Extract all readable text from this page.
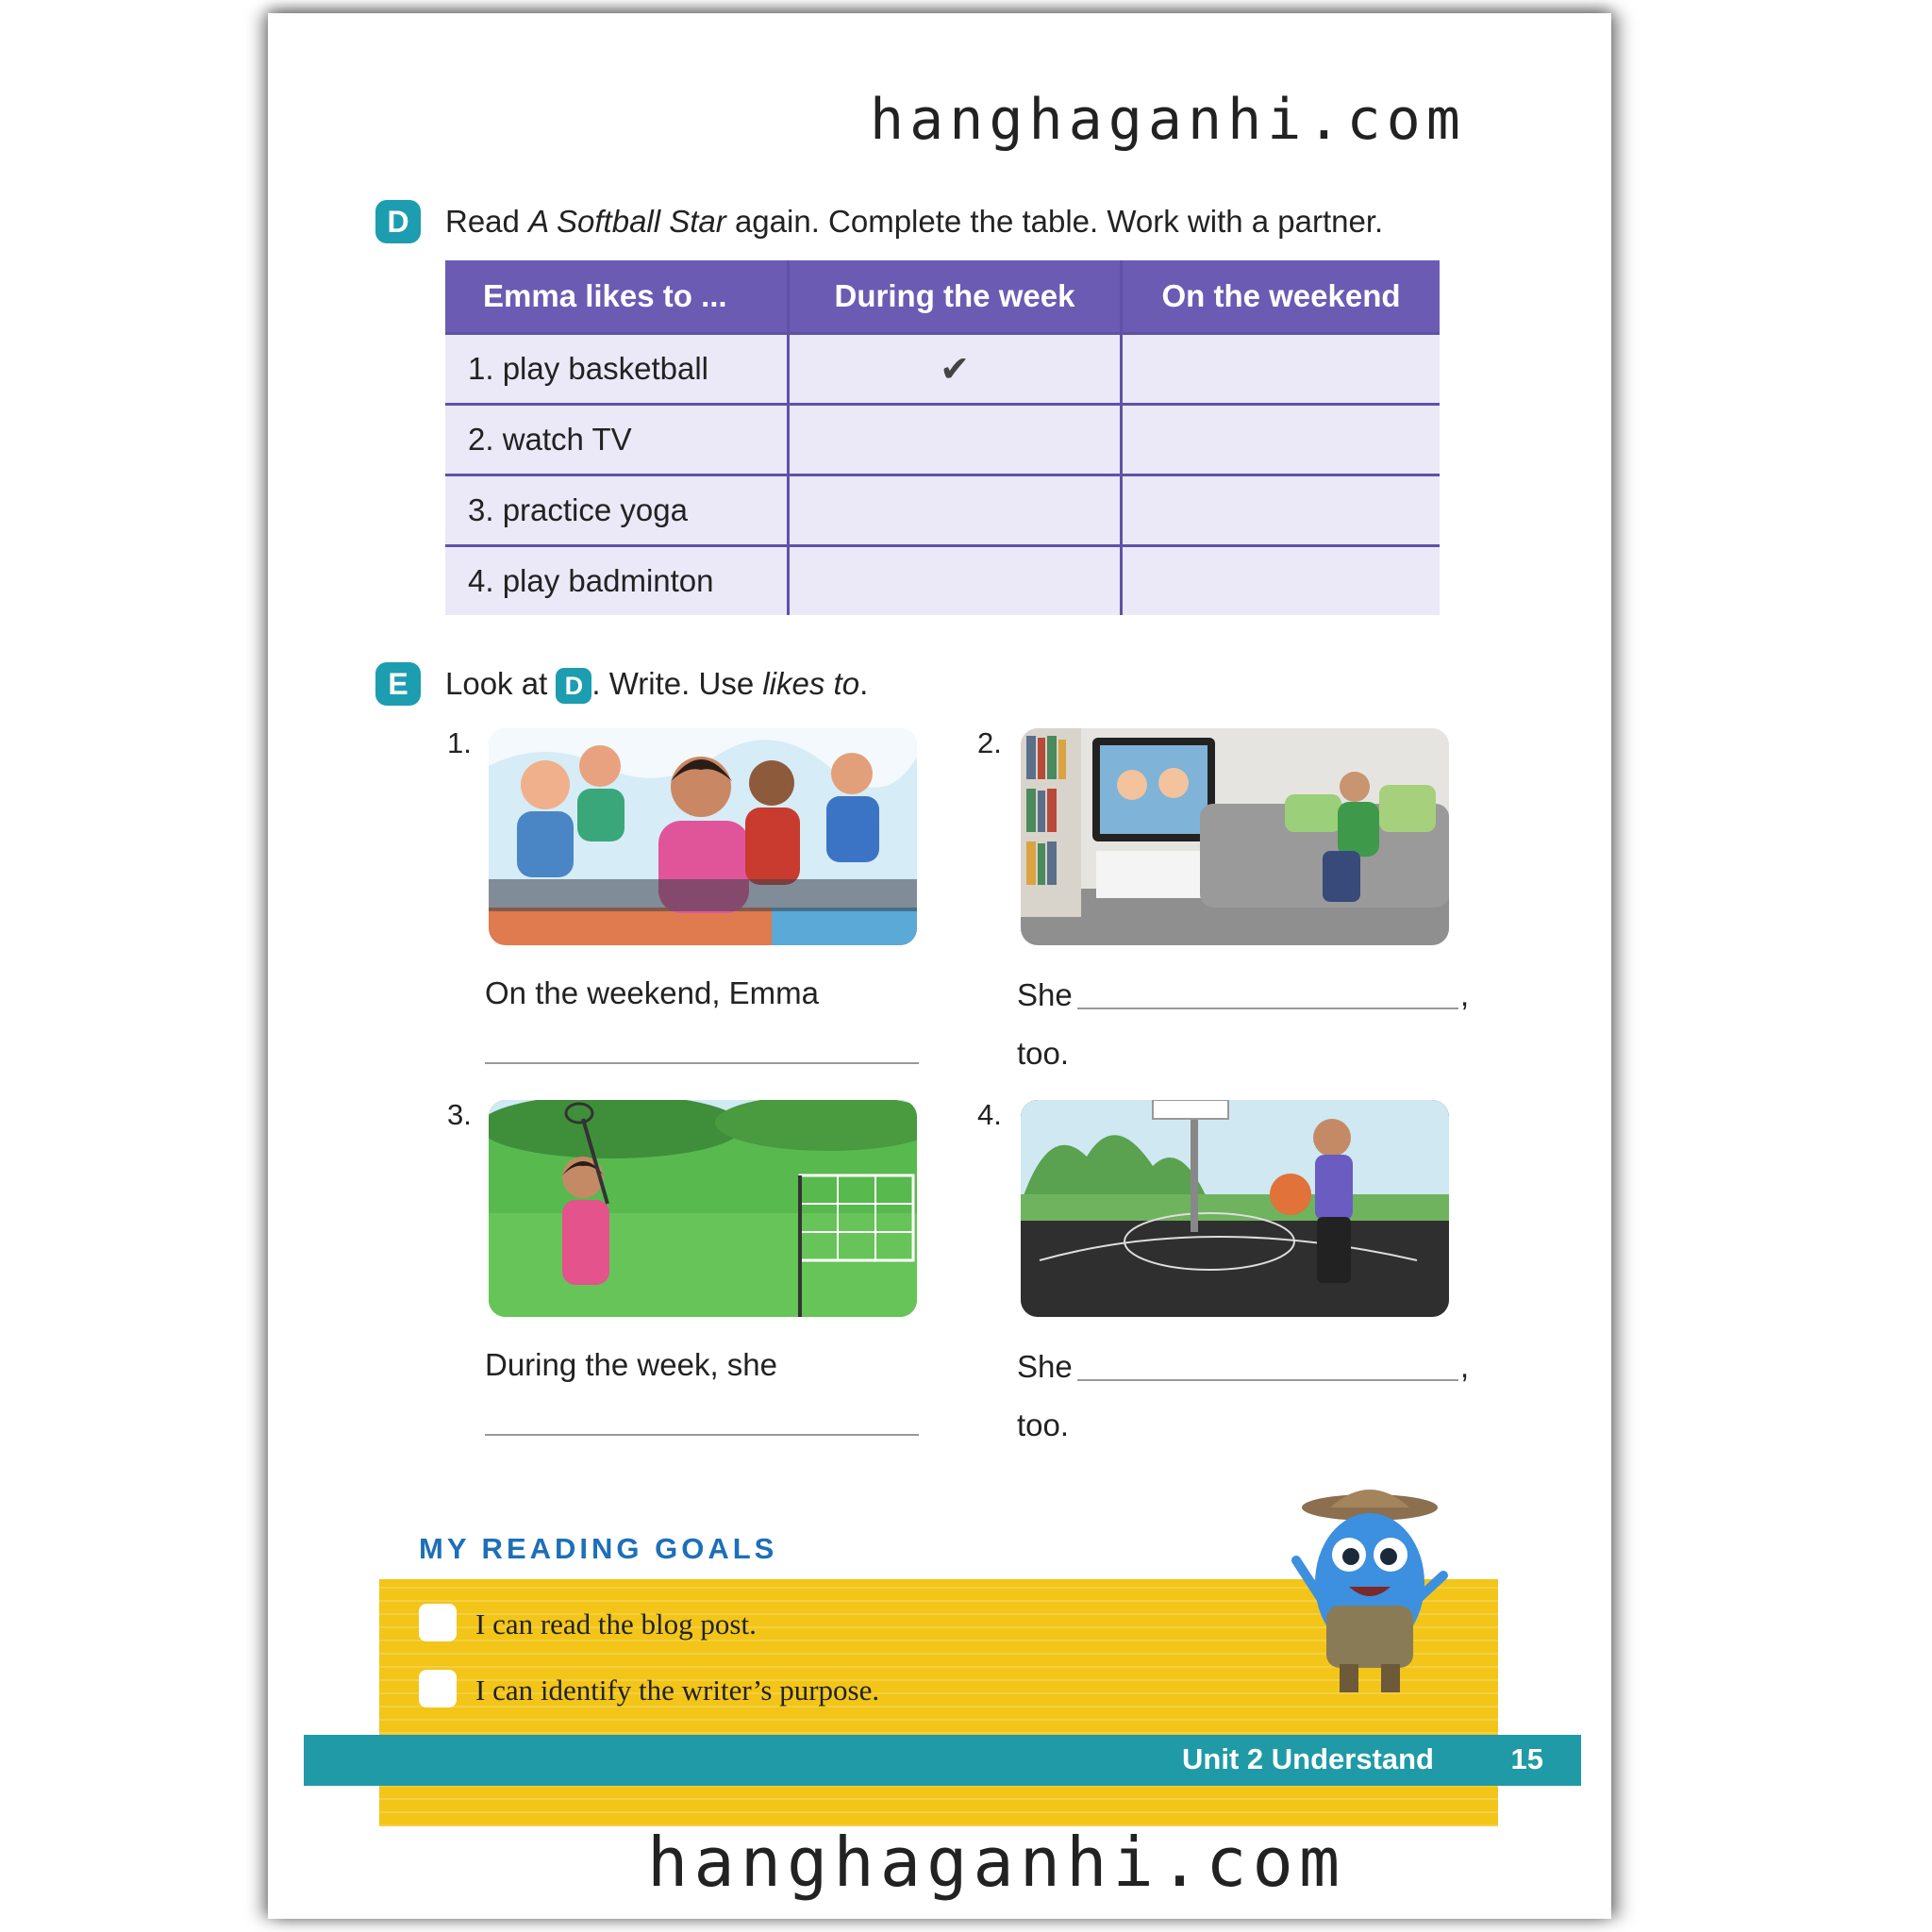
hanghaganhi.com
D	Read A Softball Star again. Complete the table. Work with a partner.
Emma likes to ...	During the week	On the weekend
1. play basketball	✔	
2. watch TV		
3. practice yoga		
4. play badminton		
E	Look at D . Write. Use likes to.
1.
On the weekend, Emma
2.
She	,
too.
3.
During the week, she
4.
She	,
too.
MY READING GOALS
I can read the blog post.
I can identify the writer’s purpose.
Unit 2 Understand	15
hanghaganhi.com
